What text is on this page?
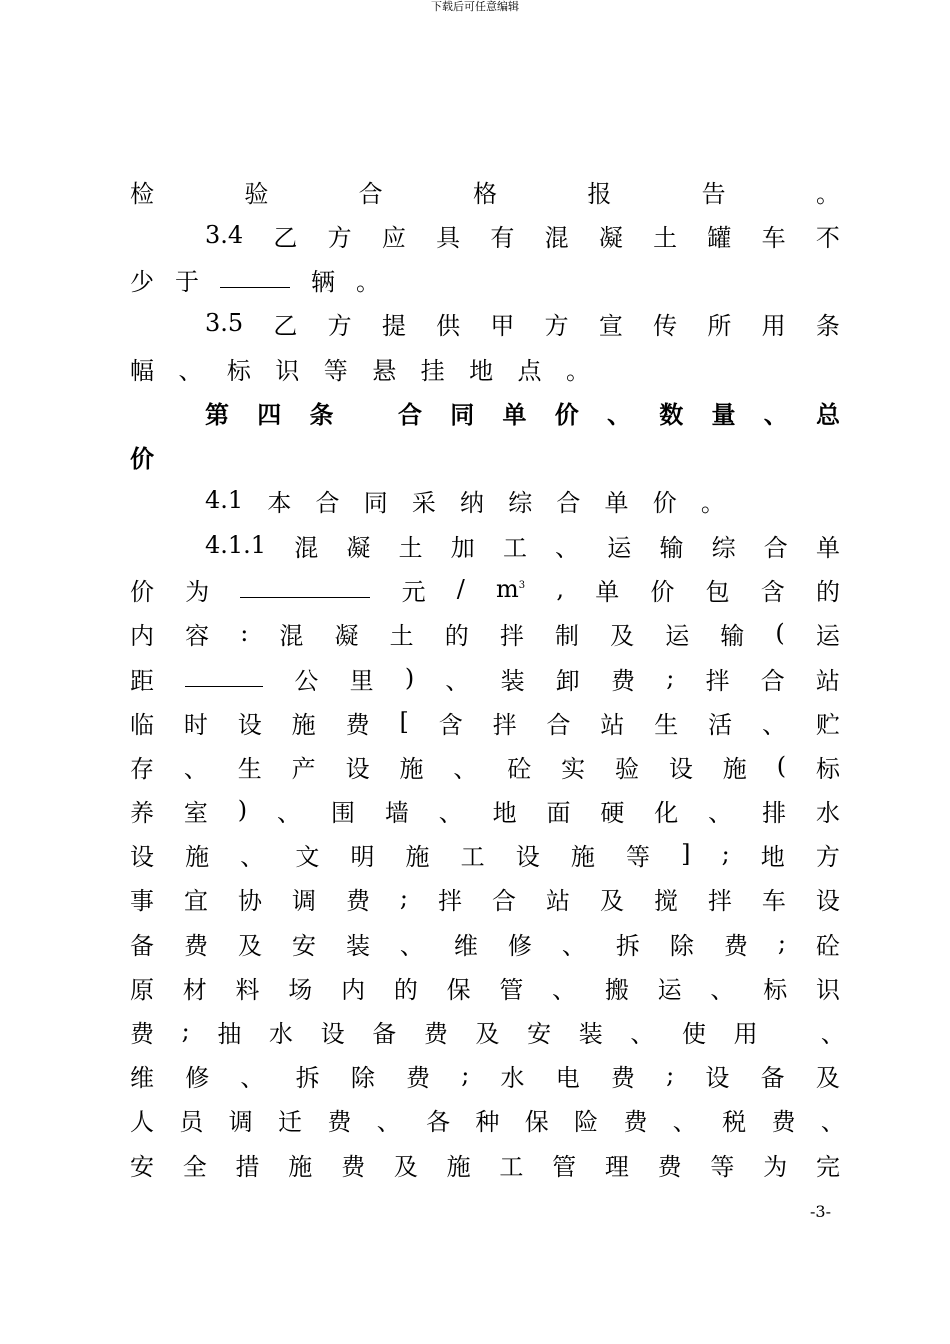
下载后可任意编辑
检	验	合	格	报	告	。
3.4 乙 方 应 具 有 混 凝 土 罐 车 不
少 于	辆 。
3.5 乙 方 提 供 甲 方 宣 传 所 用 条
幅 、 标 识 等 悬 挂 地 点 。
第 四 条	合 同 单 价 、 数 量 、 总
价
4.1 本 合 同 采 纳 综 合 单 价 。
4.1.1 混 凝 土 加 工 、 运 输 综 合 单
价 为	元 / $m^3$ , 单 价 包 含 的
内 容 : 混 凝 土 的 拌 制 及 运 输 ( 运
距	公 里 ) 、 装 卸 费 ; 拌 合 站
临 时 设 施 费 [ 含 拌 合 站 生 活 、 贮
存 、 生 产 设 施 、 砼 实 验 设 施 ( 标
养 室 ) 、 围 墙 、 地 面 硬 化 、 排 水
设 施 、 文 明 施 工 设 施 等 ] ; 地 方
事 宜 协 调 费 ; 拌 合 站 及 搅 拌 车 设
备 费 及 安 装 、 维 修 、 拆 除 费 ; 砼
原 材 料 场 内 的 保 管 、 搬 运 、 标 识
费 ; 抽 水 设 备 费 及 安 装 、 使 用	、
维 修 、 拆 除 费 ; 水 电 费 ; 设 备 及
人 员 调 迁 费 、 各 种 保 险 费 、 税 费 、
安 全 措 施 费 及 施 工 管 理 费 等 为 完
-3-
